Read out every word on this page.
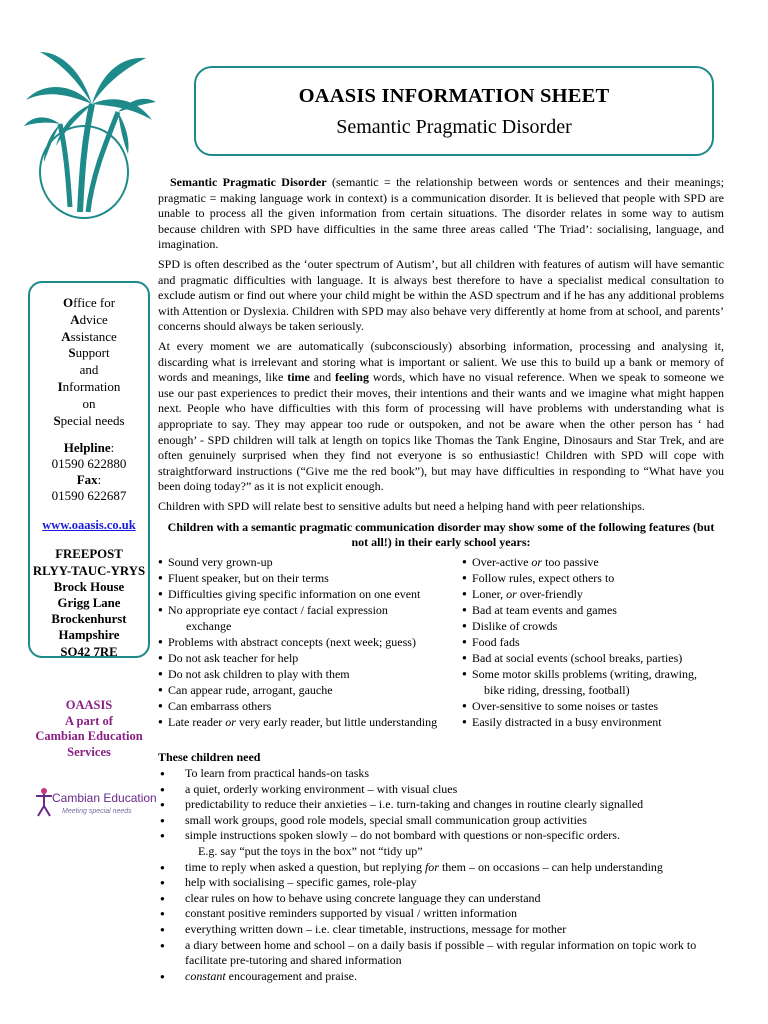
OAASIS INFORMATION SHEET
Semantic Pragmatic Disorder
Office for
Advice
Assistance
Support
and
Information
on
Special needs
Helpline:
01590 622880
Fax:
01590 622687
www.oaasis.co.uk
FREEPOST
RLYY-TAUC-YRYS
Brock House
Grigg Lane
Brockenhurst
Hampshire
SO42 7RE
OAASIS
A part of
Cambian Education
Services
Cambian Education
Meeting special needs

Semantic Pragmatic Disorder (semantic = the relationship between words or sentences and their meanings; pragmatic = making language work in context) is a communication disorder. It is believed that people with SPD are unable to process all the given information from certain situations. The disorder relates in some way to autism because children with SPD have difficulties in the same three areas called ‘The Triad’: socialising, language, and imagination.

SPD is often described as the ‘outer spectrum of Autism’, but all children with features of autism will have semantic and pragmatic difficulties with language. It is always best therefore to have a specialist medical consultation to exclude autism or find out where your child might be within the ASD spectrum and if he has any additional problems with Attention or Dyslexia. Children with SPD may also behave very differently at home from at school, and parents’ concerns should always be taken seriously.

At every moment we are automatically (subconsciously) absorbing information, processing and analysing it, discarding what is irrelevant and storing what is important or salient. We use this to build up a bank or memory of words and meanings, like time and feeling words, which have no visual reference. When we speak to someone we use our past experiences to predict their moves, their intentions and their wants and we imagine what might happen next. People who have difficulties with this form of processing will have problems with understanding what is appropriate to say. They may appear too rude or outspoken, and not be aware when the other person has ‘ had enough’ - SPD children will talk at length on topics like Thomas the Tank Engine, Dinosaurs and Star Trek, and are often genuinely surprised when they find not everyone is so enthusiastic! Children with SPD will cope with straightforward instructions (“Give me the red book”), but may have difficulties in responding to “What have you been doing today?” as it is not explicit enough.

Children with SPD will relate best to sensitive adults but need a helping hand with peer relationships.

Children with a semantic pragmatic communication disorder may show some of the following features (but not all!) in their early school years:
● Sound very grown-up
● Fluent speaker, but on their terms
● Difficulties giving specific information on one event
● No appropriate eye contact / facial expression
exchange
● Problems with abstract concepts (next week; guess)
● Do not ask teacher for help
● Do not ask children to play with them
● Can appear rude, arrogant, gauche
● Can embarrass others
● Late reader or very early reader, but little understanding
● Over-active or too passive
● Follow rules, expect others to
● Loner, or over-friendly
● Bad at team events and games
● Dislike of crowds
● Food fads
● Bad at social events (school breaks, parties)
● Some motor skills problems (writing, drawing,
bike riding, dressing, football)
● Over-sensitive to some noises or tastes
● Easily distracted in a busy environment
These children need
● To learn from practical hands-on tasks
● a quiet, orderly working environment – with visual clues
● predictability to reduce their anxieties – i.e. turn-taking and changes in routine clearly signalled
● small work groups, good role models, special small communication group activities
● simple instructions spoken slowly – do not bombard with questions or non-specific orders.
E.g. say “put the toys in the box” not “tidy up”
● time to reply when asked a question, but replying for them – on occasions – can help understanding
● help with socialising – specific games, role-play
● clear rules on how to behave using concrete language they can understand
● constant positive reminders supported by visual / written information
● everything written down – i.e. clear timetable, instructions, message for mother
● a diary between home and school – on a daily basis if possible – with regular information on topic work to facilitate pre-tutoring and shared information
● constant encouragement and praise.
